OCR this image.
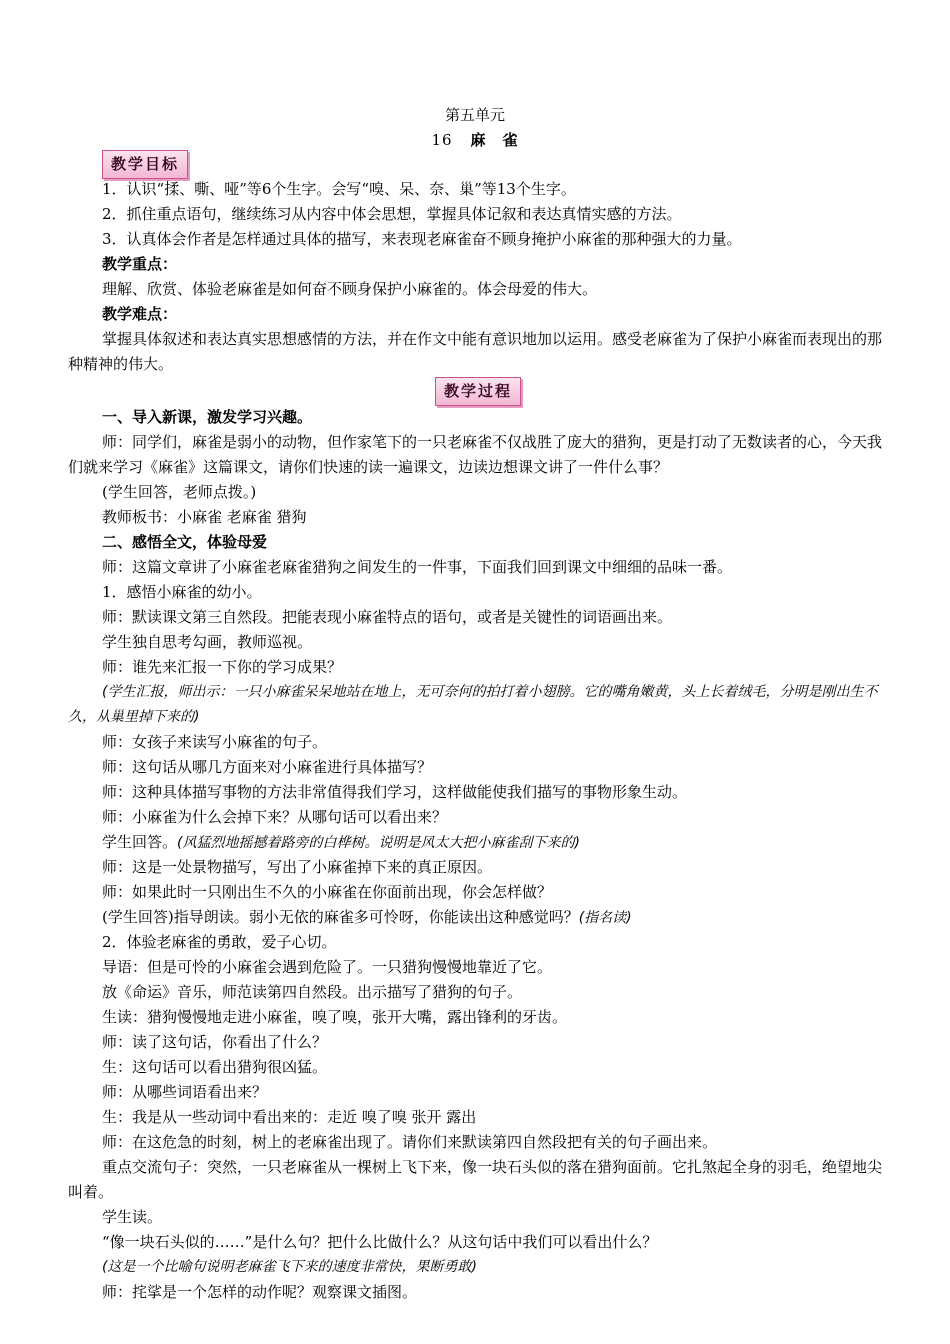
第五单元
16 麻　雀
教学目标
1．认识“揉、嘶、哑”等6个生字。会写“嗅、呆、奈、巢”等13个生字。
2．抓住重点语句，继续练习从内容中体会思想，掌握具体记叙和表达真情实感的方法。
3．认真体会作者是怎样通过具体的描写，来表现老麻雀奋不顾身掩护小麻雀的那种强大的力量。
教学重点：
理解、欣赏、体验老麻雀是如何奋不顾身保护小麻雀的。体会母爱的伟大。
教学难点：
掌握具体叙述和表达真实思想感情的方法，并在作文中能有意识地加以运用。感受老麻雀为了保护小麻雀而表现出的那种精神的伟大。
教学过程
一、导入新课，激发学习兴趣。
师：同学们，麻雀是弱小的动物，但作家笔下的一只老麻雀不仅战胜了庞大的猎狗，更是打动了无数读者的心，今天我们就来学习《麻雀》这篇课文，请你们快速的读一遍课文，边读边想课文讲了一件什么事？
(学生回答，老师点拨。)
教师板书：小麻雀 老麻雀 猎狗
二、感悟全文，体验母爱
师：这篇文章讲了小麻雀老麻雀猎狗之间发生的一件事，下面我们回到课文中细细的品味一番。
1．感悟小麻雀的幼小。
师：默读课文第三自然段。把能表现小麻雀特点的语句，或者是关键性的词语画出来。
学生独自思考勾画，教师巡视。
师：谁先来汇报一下你的学习成果？
(学生汇报，师出示：一只小麻雀呆呆地站在地上，无可奈何的拍打着小翅膀。它的嘴角嫩黄，头上长着绒毛，分明是刚出生不久，从巢里掉下来的)
师：女孩子来读写小麻雀的句子。
师：这句话从哪几方面来对小麻雀进行具体描写？
师：这种具体描写事物的方法非常值得我们学习，这样做能使我们描写的事物形象生动。
师：小麻雀为什么会掉下来？从哪句话可以看出来？
学生回答。(风猛烈地摇撼着路旁的白桦树。说明是风太大把小麻雀刮下来的)
师：这是一处景物描写，写出了小麻雀掉下来的真正原因。
师：如果此时一只刚出生不久的小麻雀在你面前出现，你会怎样做？
(学生回答)指导朗读。弱小无依的麻雀多可怜呀，你能读出这种感觉吗？(指名读)
2．体验老麻雀的勇敢，爱子心切。
导语：但是可怜的小麻雀会遇到危险了。一只猎狗慢慢地靠近了它。
放《命运》音乐，师范读第四自然段。出示描写了猎狗的句子。
生读：猎狗慢慢地走进小麻雀，嗅了嗅，张开大嘴，露出锋利的牙齿。
师：读了这句话，你看出了什么？
生：这句话可以看出猎狗很凶猛。
师：从哪些词语看出来？
生：我是从一些动词中看出来的：走近 嗅了嗅 张开 露出
师：在这危急的时刻，树上的老麻雀出现了。请你们来默读第四自然段把有关的句子画出来。
重点交流句子：突然，一只老麻雀从一棵树上飞下来，像一块石头似的落在猎狗面前。它扎煞起全身的羽毛，绝望地尖叫着。
学生读。
“像一块石头似的……”是什么句？把什么比做什么？从这句话中我们可以看出什么？
(这是一个比喻句说明老麻雀飞下来的速度非常快，果断勇敢)
师：挓挲是一个怎样的动作呢？观察课文插图。
